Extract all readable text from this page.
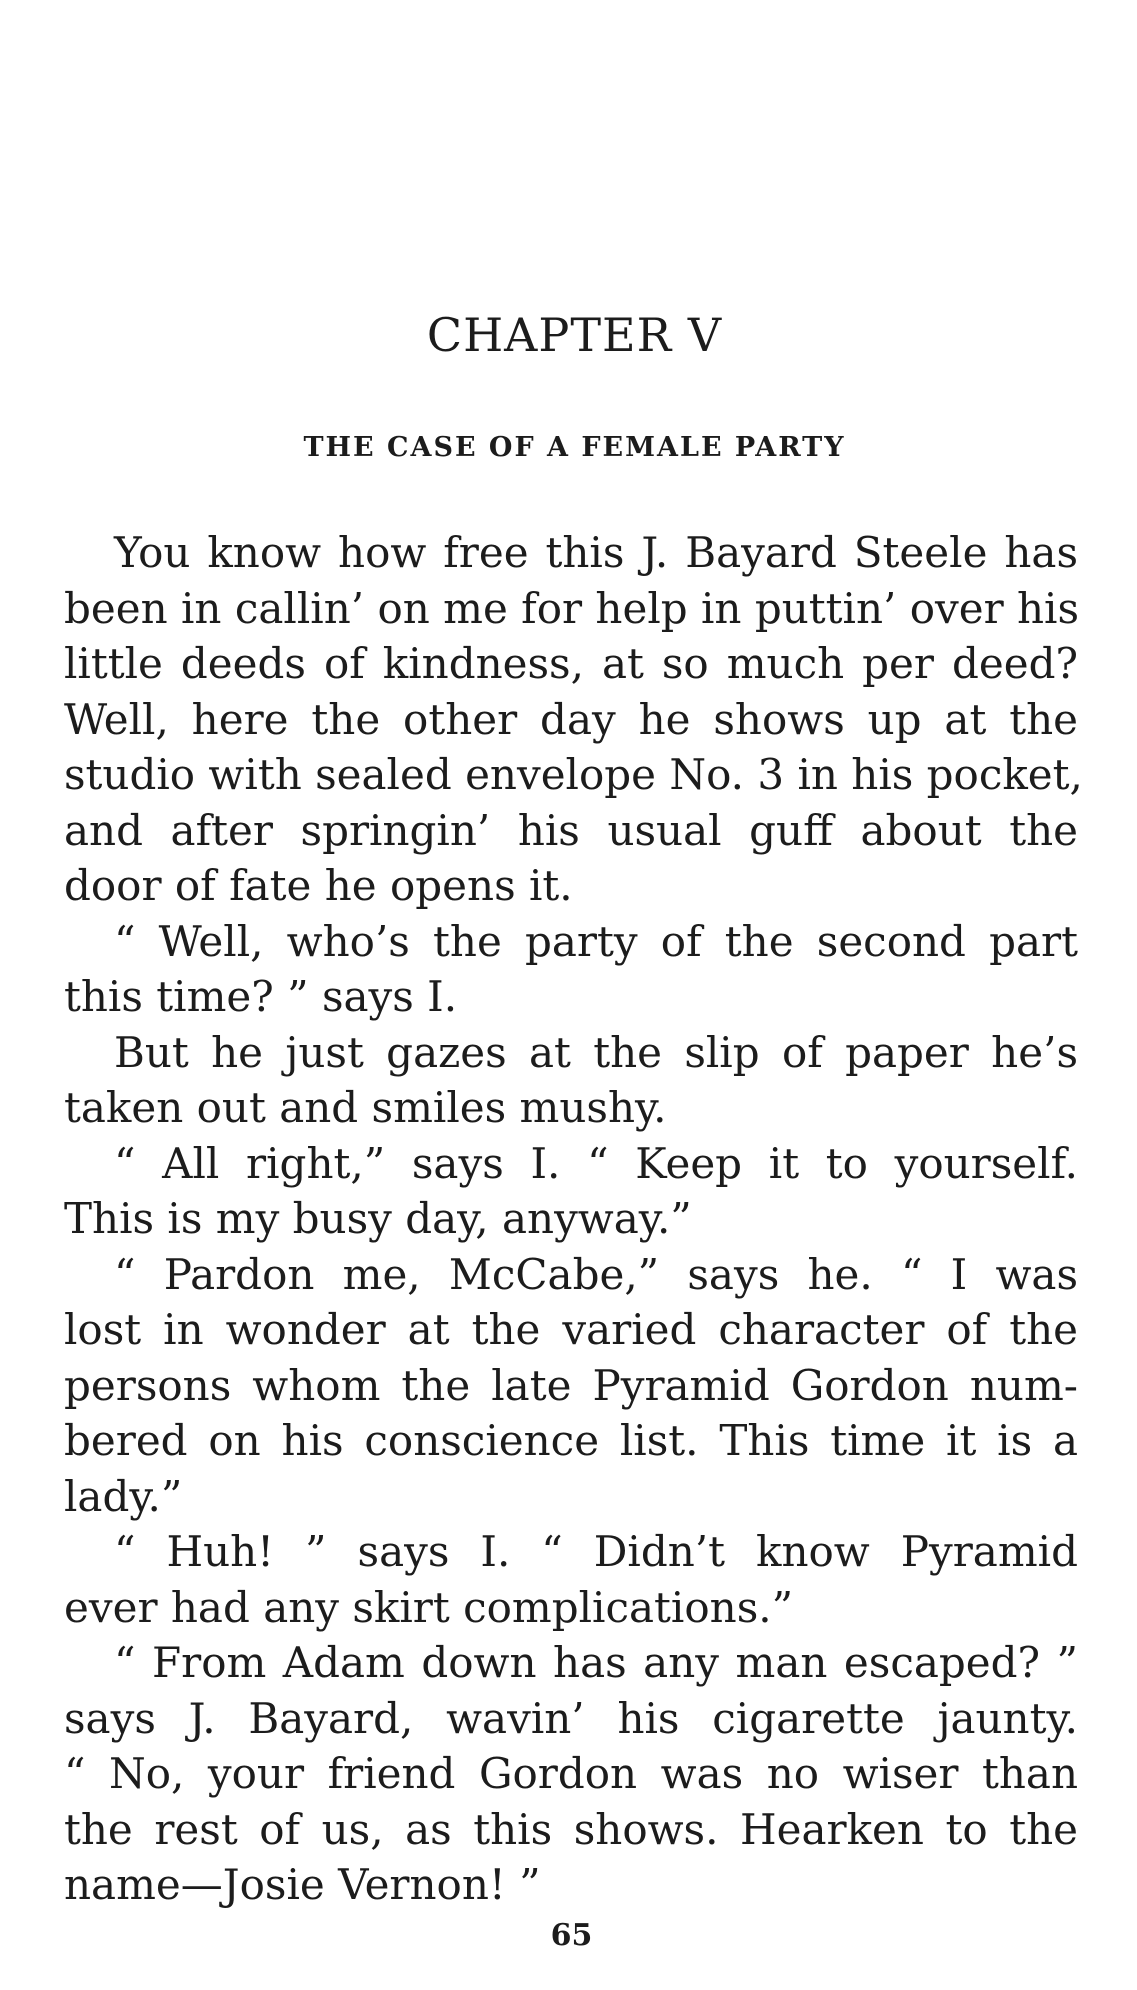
CHAPTER V
THE CASE OF A FEMALE PARTY
You know how free this J. Bayard Steele has
been in callin’ on me for help in puttin’ over his
little deeds of kindness, at so much per deed?
Well, here the other day he shows up at the
studio with sealed envelope No. 3 in his pocket,
and after springin’ his usual guff about the
door of fate he opens it.
“ Well, who’s the party of the second part
this time? ” says I.
But he just gazes at the slip of paper he’s
taken out and smiles mushy.
“ All right,” says I. “ Keep it to yourself.
This is my busy day, anyway.”
“ Pardon me, McCabe,” says he. “ I was
lost in wonder at the varied character of the
persons whom the late Pyramid Gordon num-
bered on his conscience list. This time it is a
lady.”
“ Huh! ” says I. “ Didn’t know Pyramid
ever had any skirt complications.”
“ From Adam down has any man escaped? ”
says J. Bayard, wavin’ his cigarette jaunty.
“ No, your friend Gordon was no wiser than
the rest of us, as this shows. Hearken to the
name—Josie Vernon! ”
65
